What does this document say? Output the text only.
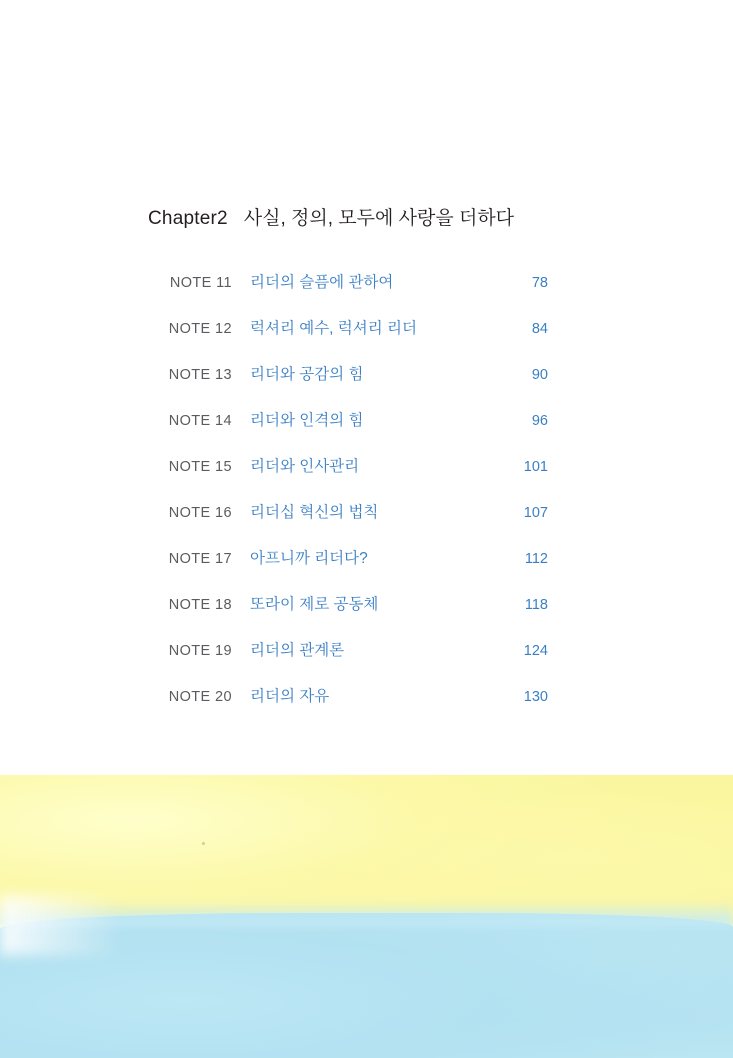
Chapter2 사실, 정의, 모두에 사랑을 더하다
NOTE 11 리더의 슬픔에 관하여	78
NOTE 12 럭셔리 예수, 럭셔리 리더	84
NOTE 13 리더와 공감의 힘	90
NOTE 14 리더와 인격의 힘	96
NOTE 15 리더와 인사관리	101
NOTE 16 리더십 혁신의 법칙	107
NOTE 17 아프니까 리더다?	112
NOTE 18 또라이 제로 공동체	118
NOTE 19 리더의 관계론	124
NOTE 20 리더의 자유	130
